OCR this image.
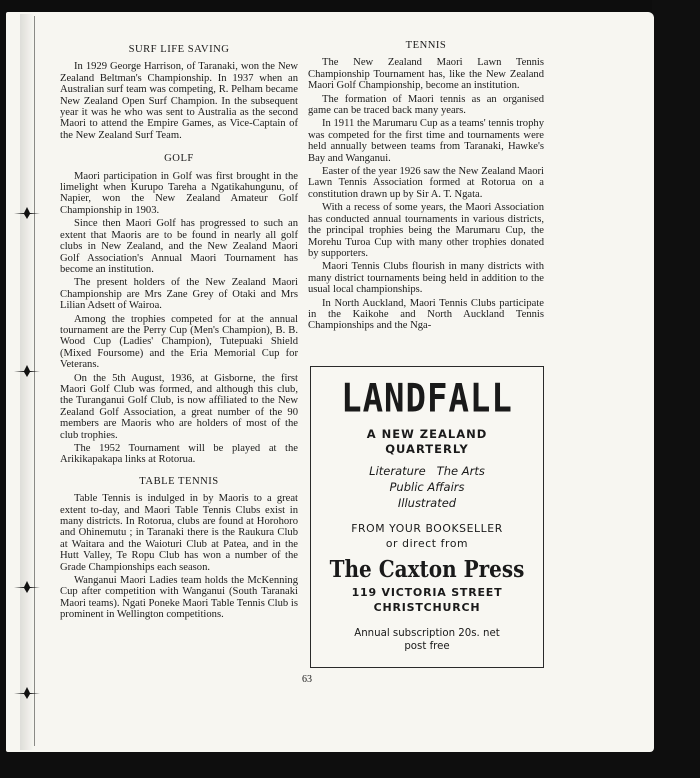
SURF LIFE SAVING

In 1929 George Harrison, of Taranaki, won the New Zealand Beltman's Championship. In 1937 when an Australian surf team was competing, R. Pelham became New Zealand Open Surf Champion. In the subsequent year it was he who was sent to Australia as the second Maori to attend the Empire Games, as Vice-Captain of the New Zealand Surf Team.

GOLF

Maori participation in Golf was first brought in the limelight when Kurupo Tareha a Ngatikahungunu, of Napier, won the New Zealand Amateur Golf Championship in 1903.

Since then Maori Golf has progressed to such an extent that Maoris are to be found in nearly all golf clubs in New Zealand, and the New Zealand Maori Golf Association's Annual Maori Tournament has become an institution.

The present holders of the New Zealand Maori Championship are Mrs Zane Grey of Otaki and Mrs Lilian Adsett of Wairoa.

Among the trophies competed for at the annual tournament are the Perry Cup (Men's Champion), B. B. Wood Cup (Ladies' Champion), Tutepuaki Shield (Mixed Foursome) and the Eria Memorial Cup for Veterans.

On the 5th August, 1936, at Gisborne, the first Maori Golf Club was formed, and although this club, the Turanganui Golf Club, is now affiliated to the New Zealand Golf Association, a great number of the 90 members are Maoris who are holders of most of the club trophies.

The 1952 Tournament will be played at the Arikikapakapa links at Rotorua.

TABLE TENNIS

Table Tennis is indulged in by Maoris to a great extent to-day, and Maori Table Tennis Clubs exist in many districts. In Rotorua, clubs are found at Horohoro and Ohinemutu ; in Taranaki there is the Raukura Club at Waitara and the Waioturi Club at Patea, and in the Hutt Valley, Te Ropu Club has won a number of the Grade Championships each season.

Wanganui Maori Ladies team holds the McKenning Cup after competition with Wanganui (South Taranaki Maori teams). Ngati Poneke Maori Table Tennis Club is prominent in Wellington competitions.

TENNIS

The New Zealand Maori Lawn Tennis Championship Tournament has, like the New Zealand Maori Golf Championship, become an institution.

The formation of Maori tennis as an organised game can be traced back many years.

In 1911 the Marumaru Cup as a teams' tennis trophy was competed for the first time and tournaments were held annually between teams from Taranaki, Hawke's Bay and Wanganui.

Easter of the year 1926 saw the New Zealand Maori Lawn Tennis Association formed at Rotorua on a constitution drawn up by Sir A. T. Ngata.

With a recess of some years, the Maori Association has conducted annual tournaments in various districts, the principal trophies being the Marumaru Cup, the Morehu Turoa Cup with many other trophies donated by supporters.

Maori Tennis Clubs flourish in many districts with many district tournaments being held in addition to the usual local championships.

In North Auckland, Maori Tennis Clubs participate in the Kaikohe and North Auckland Tennis Championships and the Nga-

LANDFALL
A NEW ZEALAND
QUARTERLY
Literature   The Arts
Public Affairs
Illustrated
FROM YOUR BOOKSELLER
or direct from
The Caxton Press
119 VICTORIA STREET
CHRISTCHURCH
Annual subscription 20s. net
post free
63
